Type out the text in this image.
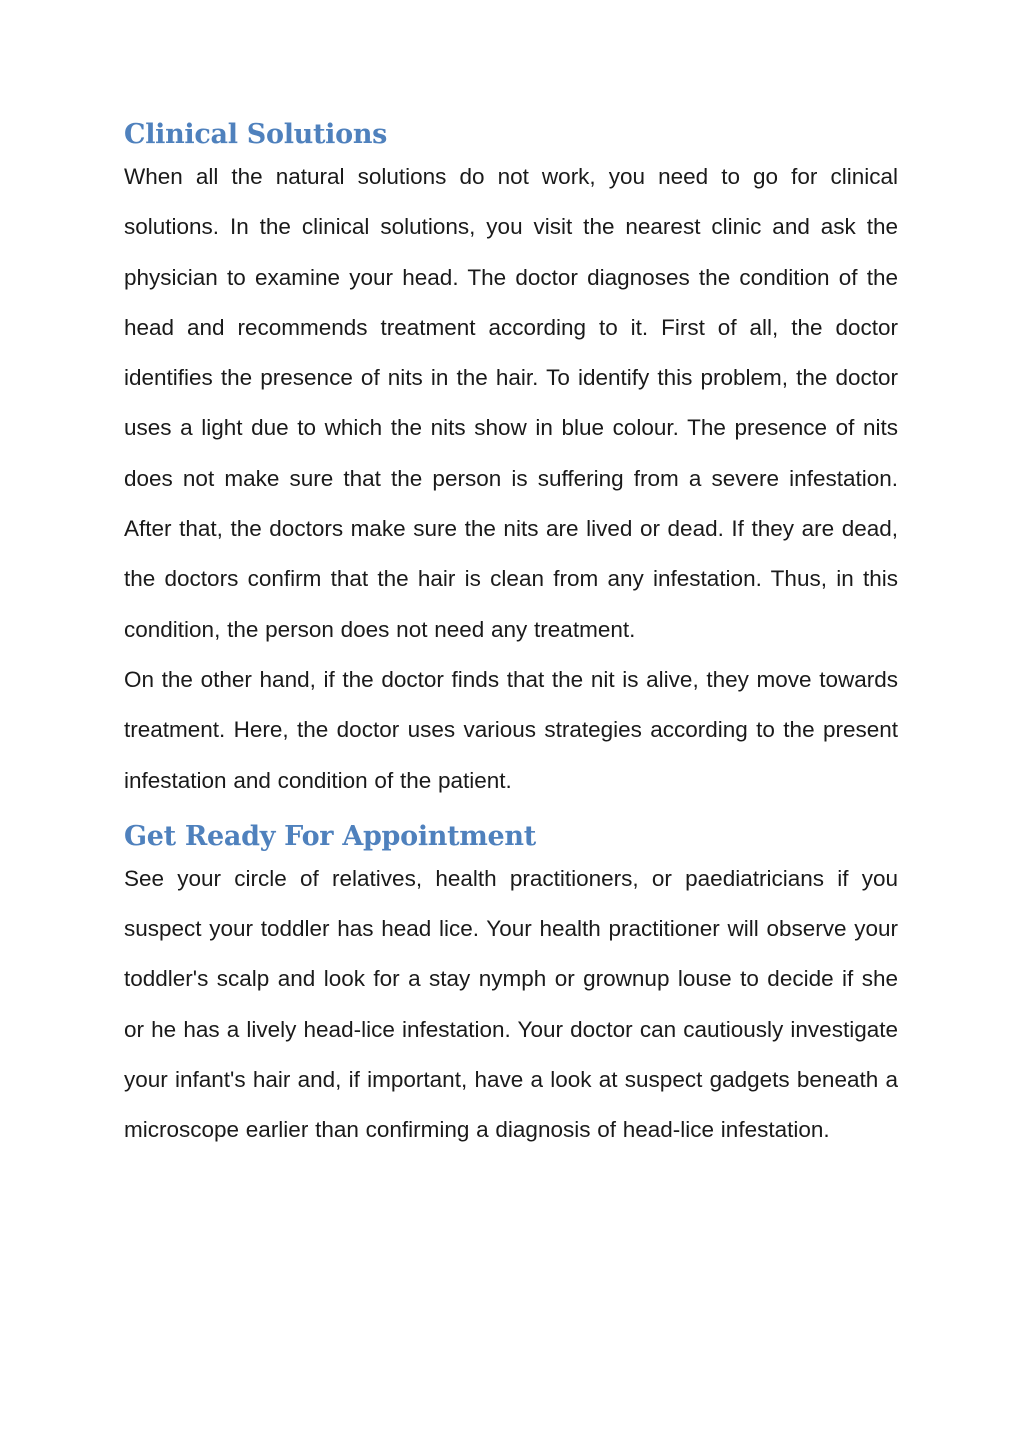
Clinical Solutions

When all the natural solutions do not work, you need to go for clinical solutions. In the clinical solutions, you visit the nearest clinic and ask the physician to examine your head. The doctor diagnoses the condition of the head and recommends treatment according to it. First of all, the doctor identifies the presence of nits in the hair. To identify this problem, the doctor uses a light due to which the nits show in blue colour. The presence of nits does not make sure that the person is suffering from a severe infestation. After that, the doctors make sure the nits are lived or dead. If they are dead, the doctors confirm that the hair is clean from any infestation. Thus, in this condition, the person does not need any treatment.

On the other hand, if the doctor finds that the nit is alive, they move towards treatment. Here, the doctor uses various strategies according to the present infestation and condition of the patient.

Get Ready For Appointment

See your circle of relatives, health practitioners, or paediatricians if you suspect your toddler has head lice. Your health practitioner will observe your toddler's scalp and look for a stay nymph or grownup louse to decide if she or he has a lively head-lice infestation. Your doctor can cautiously investigate your infant's hair and, if important, have a look at suspect gadgets beneath a microscope earlier than confirming a diagnosis of head-lice infestation.
